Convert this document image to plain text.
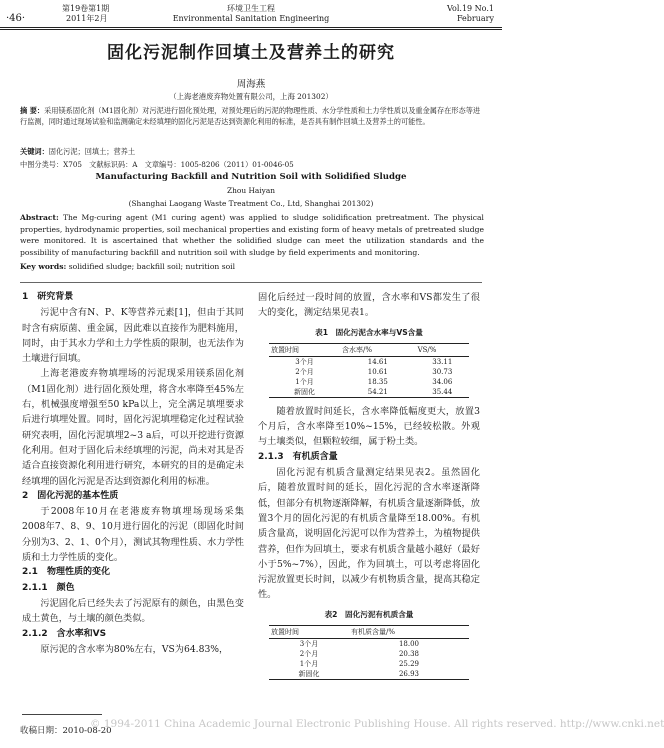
·46·
第19卷第1期
2011年2月
环境卫生工程
Environmental Sanitation Engineering
Vol.19 No.1
February
固化污泥制作回填土及营养土的研究
周海燕
（上海老港废弃物处置有限公司，上海 201302）
摘 要：采用镁系固化剂（M1固化剂）对污泥进行固化预处理，对预处理后的污泥的物理性质、水分学性质和土力学性质以及重金属存在形态等进行监测，同时通过现场试验和监测确定未经填埋的固化污泥是否达到资源化利用的标准，是否具有制作回填土及营养土的可能性。
关键词：固化污泥；回填土；营养土
中图分类号：X705　文献标识码：A　文章编号：1005-8206（2011）01-0046-05
Manufacturing Backfill and Nutrition Soil with Solidified Sludge
Zhou Haiyan
(Shanghai Laogang Waste Treatment Co., Ltd, Shanghai 201302)
Abstract: The Mg-curing agent (M1 curing agent) was applied to sludge solidification pretreatment. The physical properties, hydrodynamic properties, soil mechanical properties and existing form of heavy metals of pretreated sludge were monitored. It is ascertained that whether the solidified sludge can meet the utilization standards and the possibility of manufacturing backfill and nutrition soil with sludge by field experiments and monitoring.
Key words: solidified sludge; backfill soil; nutrition soil

1　研究背景

污泥中含有N、P、K等营养元素[1]，但由于其同时含有病原菌、重金属，因此难以直接作为肥料施用，同时，由于其水力学和土力学性质的限制，也无法作为土壤进行回填。

上海老港废弃物填埋场的污泥现采用镁系固化剂（M1固化剂）进行固化预处理，将含水率降至45%左右，机械强度增强至50 kPa以上，完全满足填埋要求后进行填埋处置。同时，固化污泥填埋稳定化过程试验研究表明，固化污泥填埋2~3 a后，可以开挖进行资源化利用。但对于固化后未经填埋的污泥，尚未对其是否适合直接资源化利用进行研究，本研究的目的是确定未经填埋的固化污泥是否达到资源化利用的标准。

2　固化污泥的基本性质

于2008年10月在老港废弃物填埋场现场采集2008年7、8、9、10月进行固化的污泥（即固化时间分别为3、2、1、0个月），测试其物理性质、水力学性质和土力学性质的变化。

2.1　物理性质的变化

2.1.1　颜色

污泥固化后已经失去了污泥原有的颜色，由黑色变成土黄色，与土壤的颜色类似。

2.1.2　含水率和VS

原污泥的含水率为80%左右，VS为64.83%，

固化后经过一段时间的放置，含水率和VS都发生了很大的变化，测定结果见表1。

表1　固化污泥含水率与VS含量
放置时间	含水率/%	VS/%
3个月	14.61	33.11
2个月	10.61	30.73
1个月	18.35	34.06
新固化	54.21	35.44

随着放置时间延长，含水率降低幅度更大，放置3个月后，含水率降至10%~15%，已经较松散。外观与土壤类似，但颗粒较细，属于粉土类。

2.1.3　有机质含量

固化污泥有机质含量测定结果见表2。虽然固化后，随着放置时间的延长，固化污泥的含水率逐渐降低，但部分有机物逐渐降解，有机质含量逐渐降低，放置3个月的固化污泥的有机质含量降至18.00%。有机质含量高，说明固化污泥可以作为营养土，为植物提供营养，但作为回填土，要求有机质含量越小越好（最好小于5%~7%），因此，作为回填土，可以考虑将固化污泥放置更长时间，以减少有机物质含量，提高其稳定性。

表2　固化污泥有机质含量
放置时间	有机质含量/%
3个月	18.00
2个月	20.38
1个月	25.29
新固化	26.93
收稿日期：2010-08-20
© 1994-2011 China Academic Journal Electronic Publishing House. All rights reserved. http://www.cnki.net
